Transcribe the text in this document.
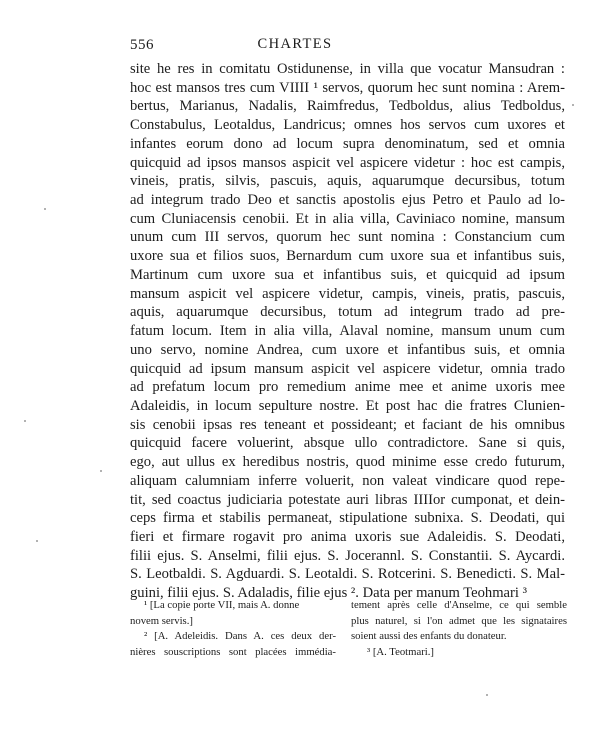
556	CHARTES
site he res in comitatu Ostidunense, in villa que vocatur Mansudran :
hoc est mansos tres cum VIIII ¹ servos, quorum hec sunt nomina : Arem-
bertus, Marianus, Nadalis, Raimfredus, Tedboldus, alius Tedboldus,
Constabulus, Leotaldus, Landricus; omnes hos servos cum uxores et
infantes eorum dono ad locum supra denominatum, sed et omnia
quicquid ad ipsos mansos aspicit vel aspicere videtur : hoc est campis,
vineis, pratis, silvis, pascuis, aquis, aquarumque decursibus, totum
ad integrum trado Deo et sanctis apostolis ejus Petro et Paulo ad lo-
cum Cluniacensis cenobii. Et in alia villa, Caviniaco nomine, mansum
unum cum III servos, quorum hec sunt nomina : Constancium cum
uxore sua et filios suos, Bernardum cum uxore sua et infantibus suis,
Martinum cum uxore sua et infantibus suis, et quicquid ad ipsum
mansum aspicit vel aspicere videtur, campis, vineis, pratis, pascuis,
aquis, aquarumque decursibus, totum ad integrum trado ad pre-
fatum locum. Item in alia villa, Alaval nomine, mansum unum cum
uno servo, nomine Andrea, cum uxore et infantibus suis, et omnia
quicquid ad ipsum mansum aspicit vel aspicere videtur, omnia trado
ad prefatum locum pro remedium anime mee et anime uxoris mee
Adaleidis, in locum sepulture nostre. Et post hac die fratres Clunien-
sis cenobii ipsas res teneant et possideant; et faciant de his omnibus
quicquid facere voluerint, absque ullo contradictore. Sane si quis,
ego, aut ullus ex heredibus nostris, quod minime esse credo futurum,
aliquam calumniam inferre voluerit, non valeat vindicare quod repe-
tit, sed coactus judiciaria potestate auri libras IIIIor cumponat, et dein-
ceps firma et stabilis permaneat, stipulatione subnixa. S. Deodati, qui
fieri et firmare rogavit pro anima uxoris sue Adaleidis. S. Deodati,
filii ejus. S. Anselmi, filii ejus. S. Jocerannl. S. Constantii. S. Aycardi.
S. Leotbaldi. S. Agduardi. S. Leotaldi. S. Rotcerini. S. Benedicti. S. Mal-
guini, filii ejus. S. Adaladis, filie ejus ². Data per manum Teohmari ³
¹ [La copie porte VII, mais A. donne
novem servis.]
² [A. Adeleidis. Dans A. ces deux der-
nières souscriptions sont placées immédia-
tement après celle d'Anselme, ce qui semble
plus naturel, si l'on admet que les signataires
soient aussi des enfants du donateur.
³ [A. Teotmari.]
